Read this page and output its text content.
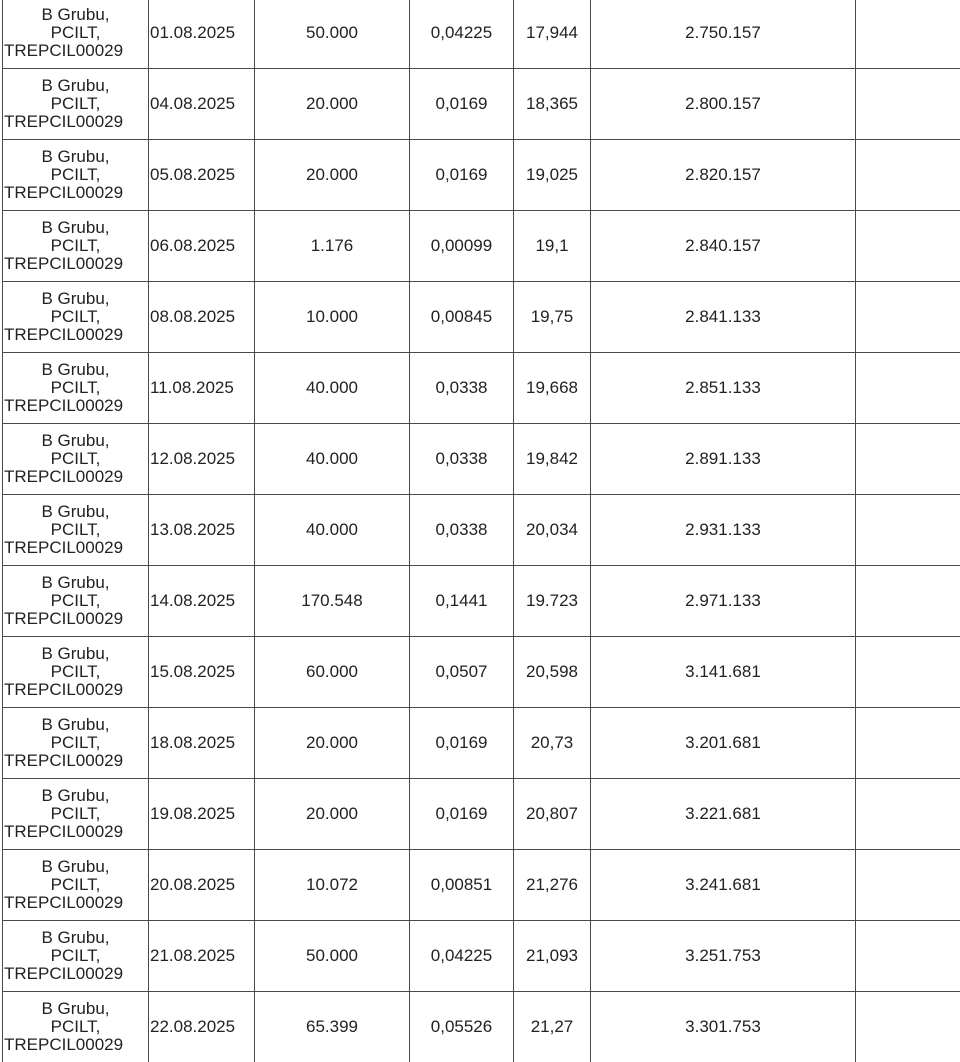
B Grubu,
PCILT,
TREPCIL00029	01.08.2025	50.000	0,04225	17,944	2.750.157	

B Grubu,
PCILT,
TREPCIL00029	04.08.2025	20.000	0,0169	18,365	2.800.157	

B Grubu,
PCILT,
TREPCIL00029	05.08.2025	20.000	0,0169	19,025	2.820.157	

B Grubu,
PCILT,
TREPCIL00029	06.08.2025	1.176	0,00099	19,1	2.840.157	

B Grubu,
PCILT,
TREPCIL00029	08.08.2025	10.000	0,00845	19,75	2.841.133	

B Grubu,
PCILT,
TREPCIL00029	11.08.2025	40.000	0,0338	19,668	2.851.133	

B Grubu,
PCILT,
TREPCIL00029	12.08.2025	40.000	0,0338	19,842	2.891.133	

B Grubu,
PCILT,
TREPCIL00029	13.08.2025	40.000	0,0338	20,034	2.931.133	

B Grubu,
PCILT,
TREPCIL00029	14.08.2025	170.548	0,1441	19.723	2.971.133	

B Grubu,
PCILT,
TREPCIL00029	15.08.2025	60.000	0,0507	20,598	3.141.681	

B Grubu,
PCILT,
TREPCIL00029	18.08.2025	20.000	0,0169	20,73	3.201.681	

B Grubu,
PCILT,
TREPCIL00029	19.08.2025	20.000	0,0169	20,807	3.221.681	

B Grubu,
PCILT,
TREPCIL00029	20.08.2025	10.072	0,00851	21,276	3.241.681	

B Grubu,
PCILT,
TREPCIL00029	21.08.2025	50.000	0,04225	21,093	3.251.753	

B Grubu,
PCILT,
TREPCIL00029	22.08.2025	65.399	0,05526	21,27	3.301.753	
